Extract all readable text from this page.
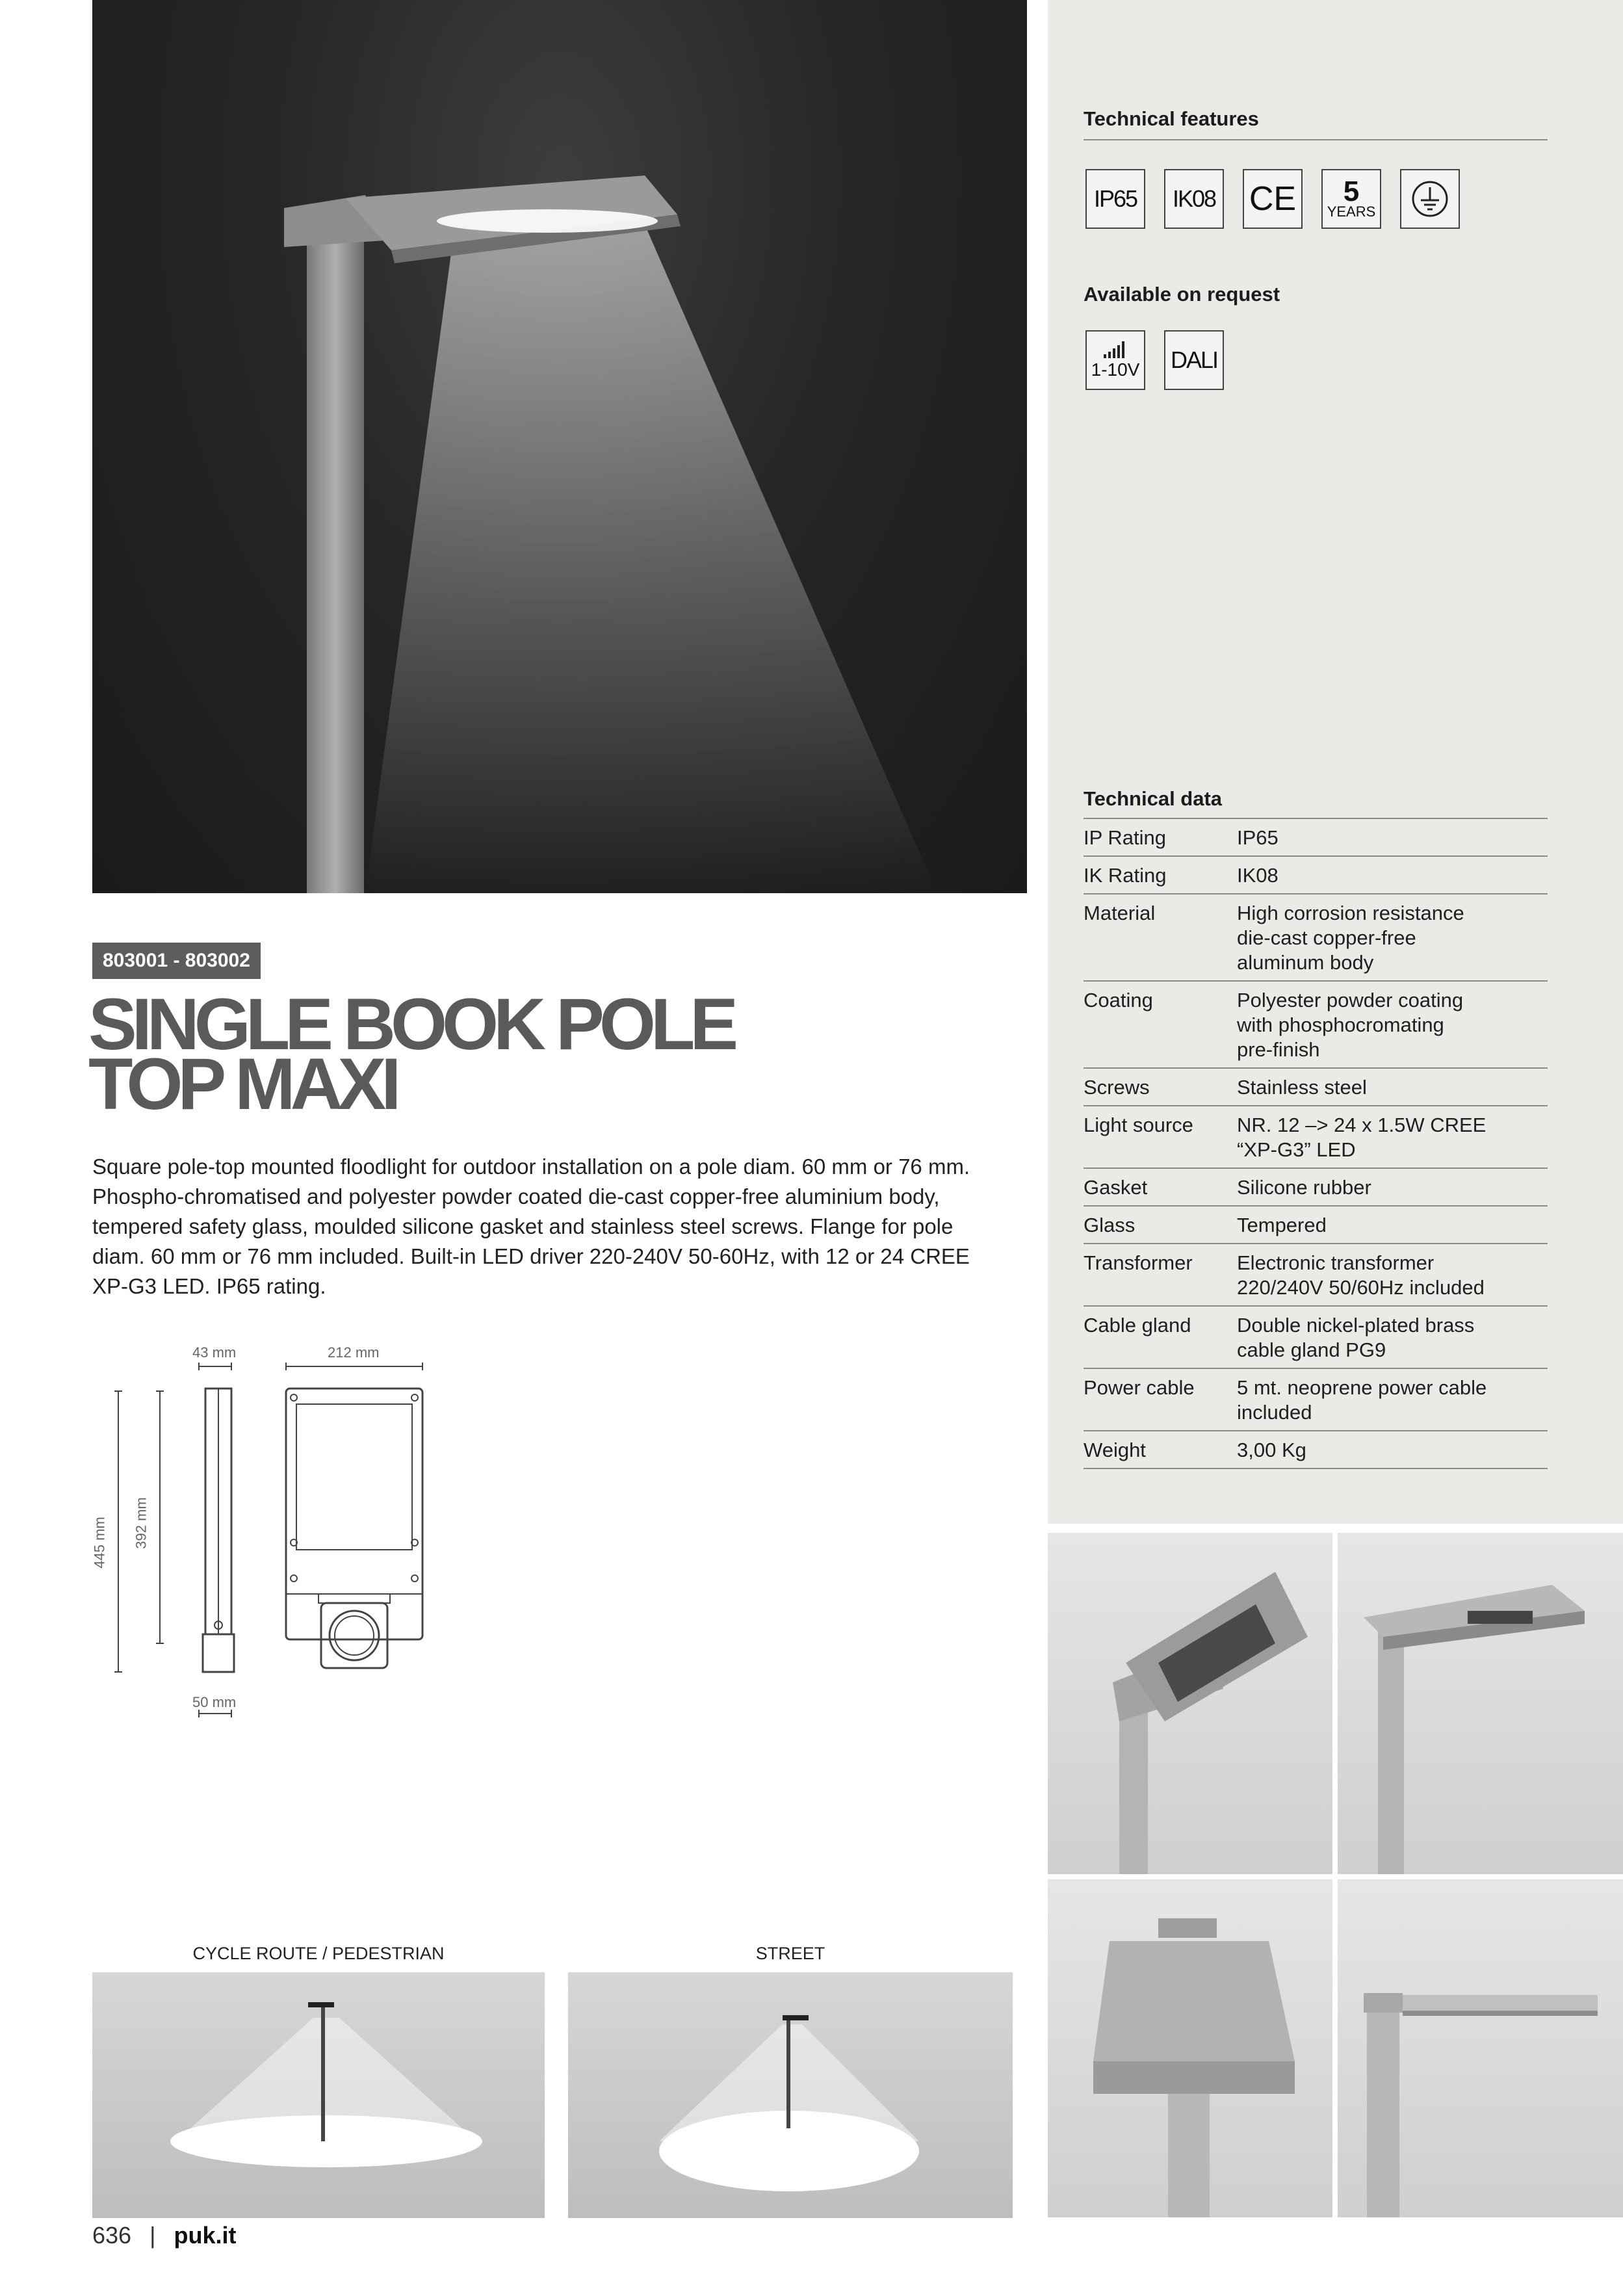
Technical features
IP65 IK08 CE 5
YEARS
Available on request
1-10V DALI
Technical data
IP Rating	IP65
IK Rating	IK08
Material	High corrosion resistance
die-cast copper-free
aluminum body
Coating	Polyester powder coating
with phosphocromating
pre-finish
Screws	Stainless steel
Light source	NR. 12 –> 24 x 1.5W CREE
“XP-G3” LED
Gasket	Silicone rubber
Glass	Tempered
Transformer	Electronic transformer
220/240V 50/60Hz included
Cable gland	Double nickel-plated brass
cable gland PG9
Power cable	5 mt. neoprene power cable
included
Weight	3,00 Kg
803001 - 803002
SINGLE BOOK POLE
TOP MAXI
Square pole-top mounted floodlight for outdoor installation on a pole diam. 60 mm or 76 mm. Phospho-chromatised and polyester powder coated die-cast copper-free aluminium body, tempered safety glass, moulded silicone gasket and stainless steel screws. Flange for pole diam. 60 mm or 76 mm included. Built-in LED driver 220-240V 50-60Hz, with 12 or 24 CREE XP-G3 LED. IP65 rating.
43 mm	212 mm
445 mm 392 mm
50 mm
CYCLE ROUTE / PEDESTRIAN	STREET
636 | puk.it
